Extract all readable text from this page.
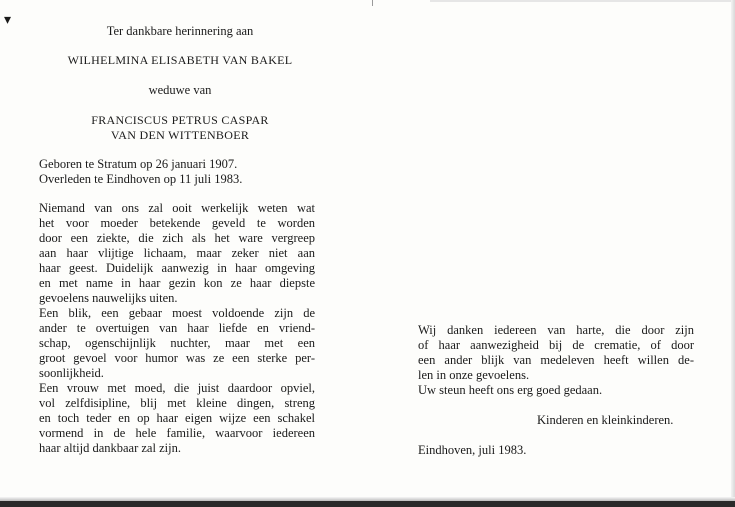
▾
Ter dankbare herinnering aan
WILHELMINA ELISABETH VAN BAKEL
weduwe van
FRANCISCUS PETRUS CASPAR
VAN DEN WITTENBOER
Geboren te Stratum op 26 januari 1907.
Overleden te Eindhoven op 11 juli 1983.
Niemand van ons zal ooit werkelijk weten wat
het voor moeder betekende geveld te worden
door een ziekte, die zich als het ware vergreep
aan haar vlijtige lichaam, maar zeker niet aan
haar geest. Duidelijk aanwezig in haar omgeving
en met name in haar gezin kon ze haar diepste
gevoelens nauwelijks uiten.
Een blik, een gebaar moest voldoende zijn de
ander te overtuigen van haar liefde en vriend-
schap, ogenschijnlijk nuchter, maar met een
groot gevoel voor humor was ze een sterke per-
soonlijkheid.
Een vrouw met moed, die juist daardoor opviel,
vol zelfdisipline, blij met kleine dingen, streng
en toch teder en op haar eigen wijze een schakel
vormend in de hele familie, waarvoor iedereen
haar altijd dankbaar zal zijn.
Wij danken iedereen van harte, die door zijn
of haar aanwezigheid bij de crematie, of door
een ander blijk van medeleven heeft willen de-
len in onze gevoelens.
Uw steun heeft ons erg goed gedaan.
Kinderen en kleinkinderen.
Eindhoven, juli 1983.
